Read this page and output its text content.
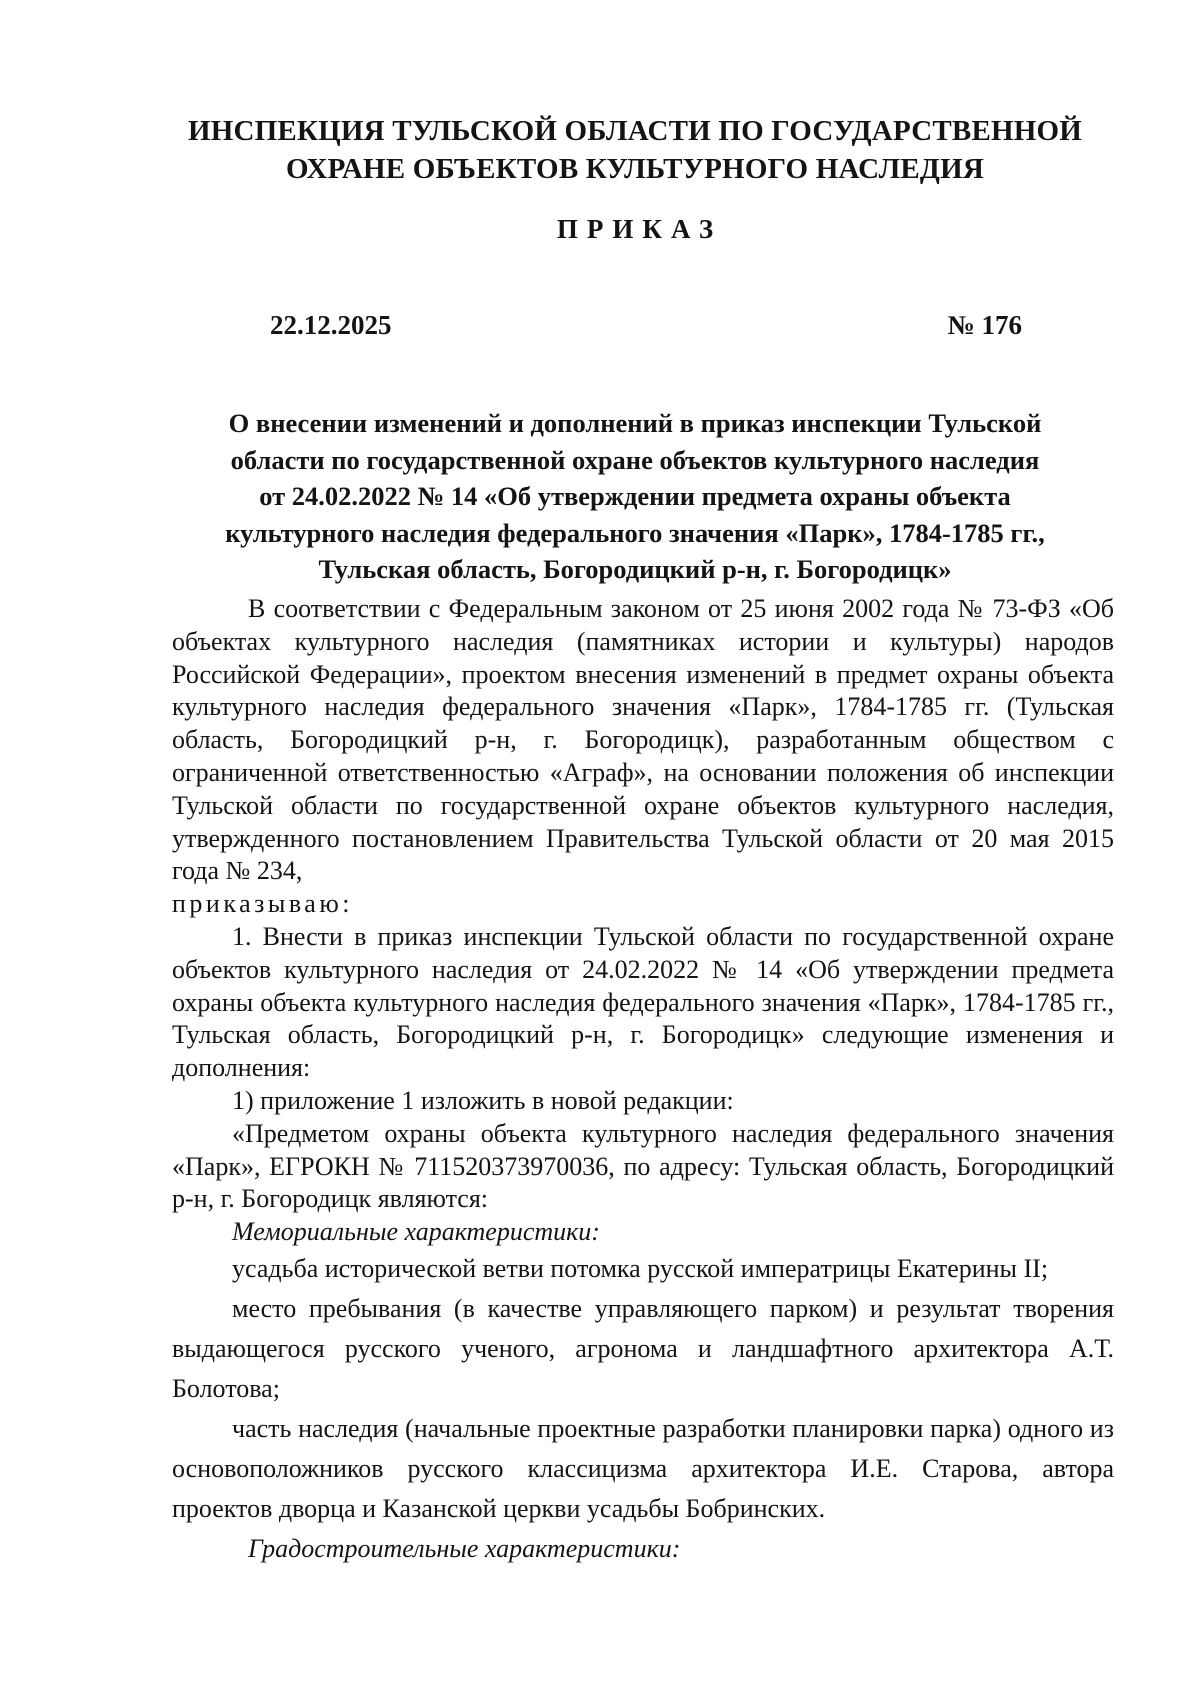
ИНСПЕКЦИЯ ТУЛЬСКОЙ ОБЛАСТИ ПО ГОСУДАРСТВЕННОЙ
ОХРАНЕ ОБЪЕКТОВ КУЛЬТУРНОГО НАСЛЕДИЯ
ПРИКАЗ
22.12.2025	№ 176
О внесении изменений и дополнений в приказ инспекции Тульской
области по государственной охране объектов культурного наследия
от 24.02.2022 № 14 «Об утверждении предмета охраны объекта
культурного наследия федерального значения «Парк», 1784-1785 гг.,
Тульская область, Богородицкий р-н, г. Богородицк»

В соответствии с Федеральным законом от 25 июня 2002 года № 73-ФЗ «Об объектах культурного наследия (памятниках истории и культуры) народов Российской Федерации», проектом внесения изменений в предмет охраны объекта культурного наследия федерального значения «Парк», 1784-1785 гг. (Тульская область, Богородицкий р-н, г. Богородицк), разработанным обществом с ограниченной ответственностью «Аграф», на основании положения об инспекции Тульской области по государственной охране объектов культурного наследия, утвержденного постановлением Правительства Тульской области от 20 мая 2015 года № 234,

приказываю:

1. Внести в приказ инспекции Тульской области по государственной охране объектов культурного наследия от 24.02.2022 № 14 «Об утверждении предмета охраны объекта культурного наследия федерального значения «Парк», 1784-1785 гг., Тульская область, Богородицкий р-н, г. Богородицк» следующие изменения и дополнения:

1) приложение 1 изложить в новой редакции:

«Предметом охраны объекта культурного наследия федерального значения «Парк», ЕГРОКН № 711520373970036, по адресу: Тульская область, Богородицкий р-н, г. Богородицк являются:

Мемориальные характеристики:

усадьба исторической ветви потомка русской императрицы Екатерины II;

место пребывания (в качестве управляющего парком) и результат творения выдающегося русского ученого, агронома и ландшафтного архитектора А.Т. Болотова;

часть наследия (начальные проектные разработки планировки парка) одного из основоположников русского классицизма архитектора И.Е. Старова, автора проектов дворца и Казанской церкви усадьбы Бобринских.

Градостроительные характеристики:
